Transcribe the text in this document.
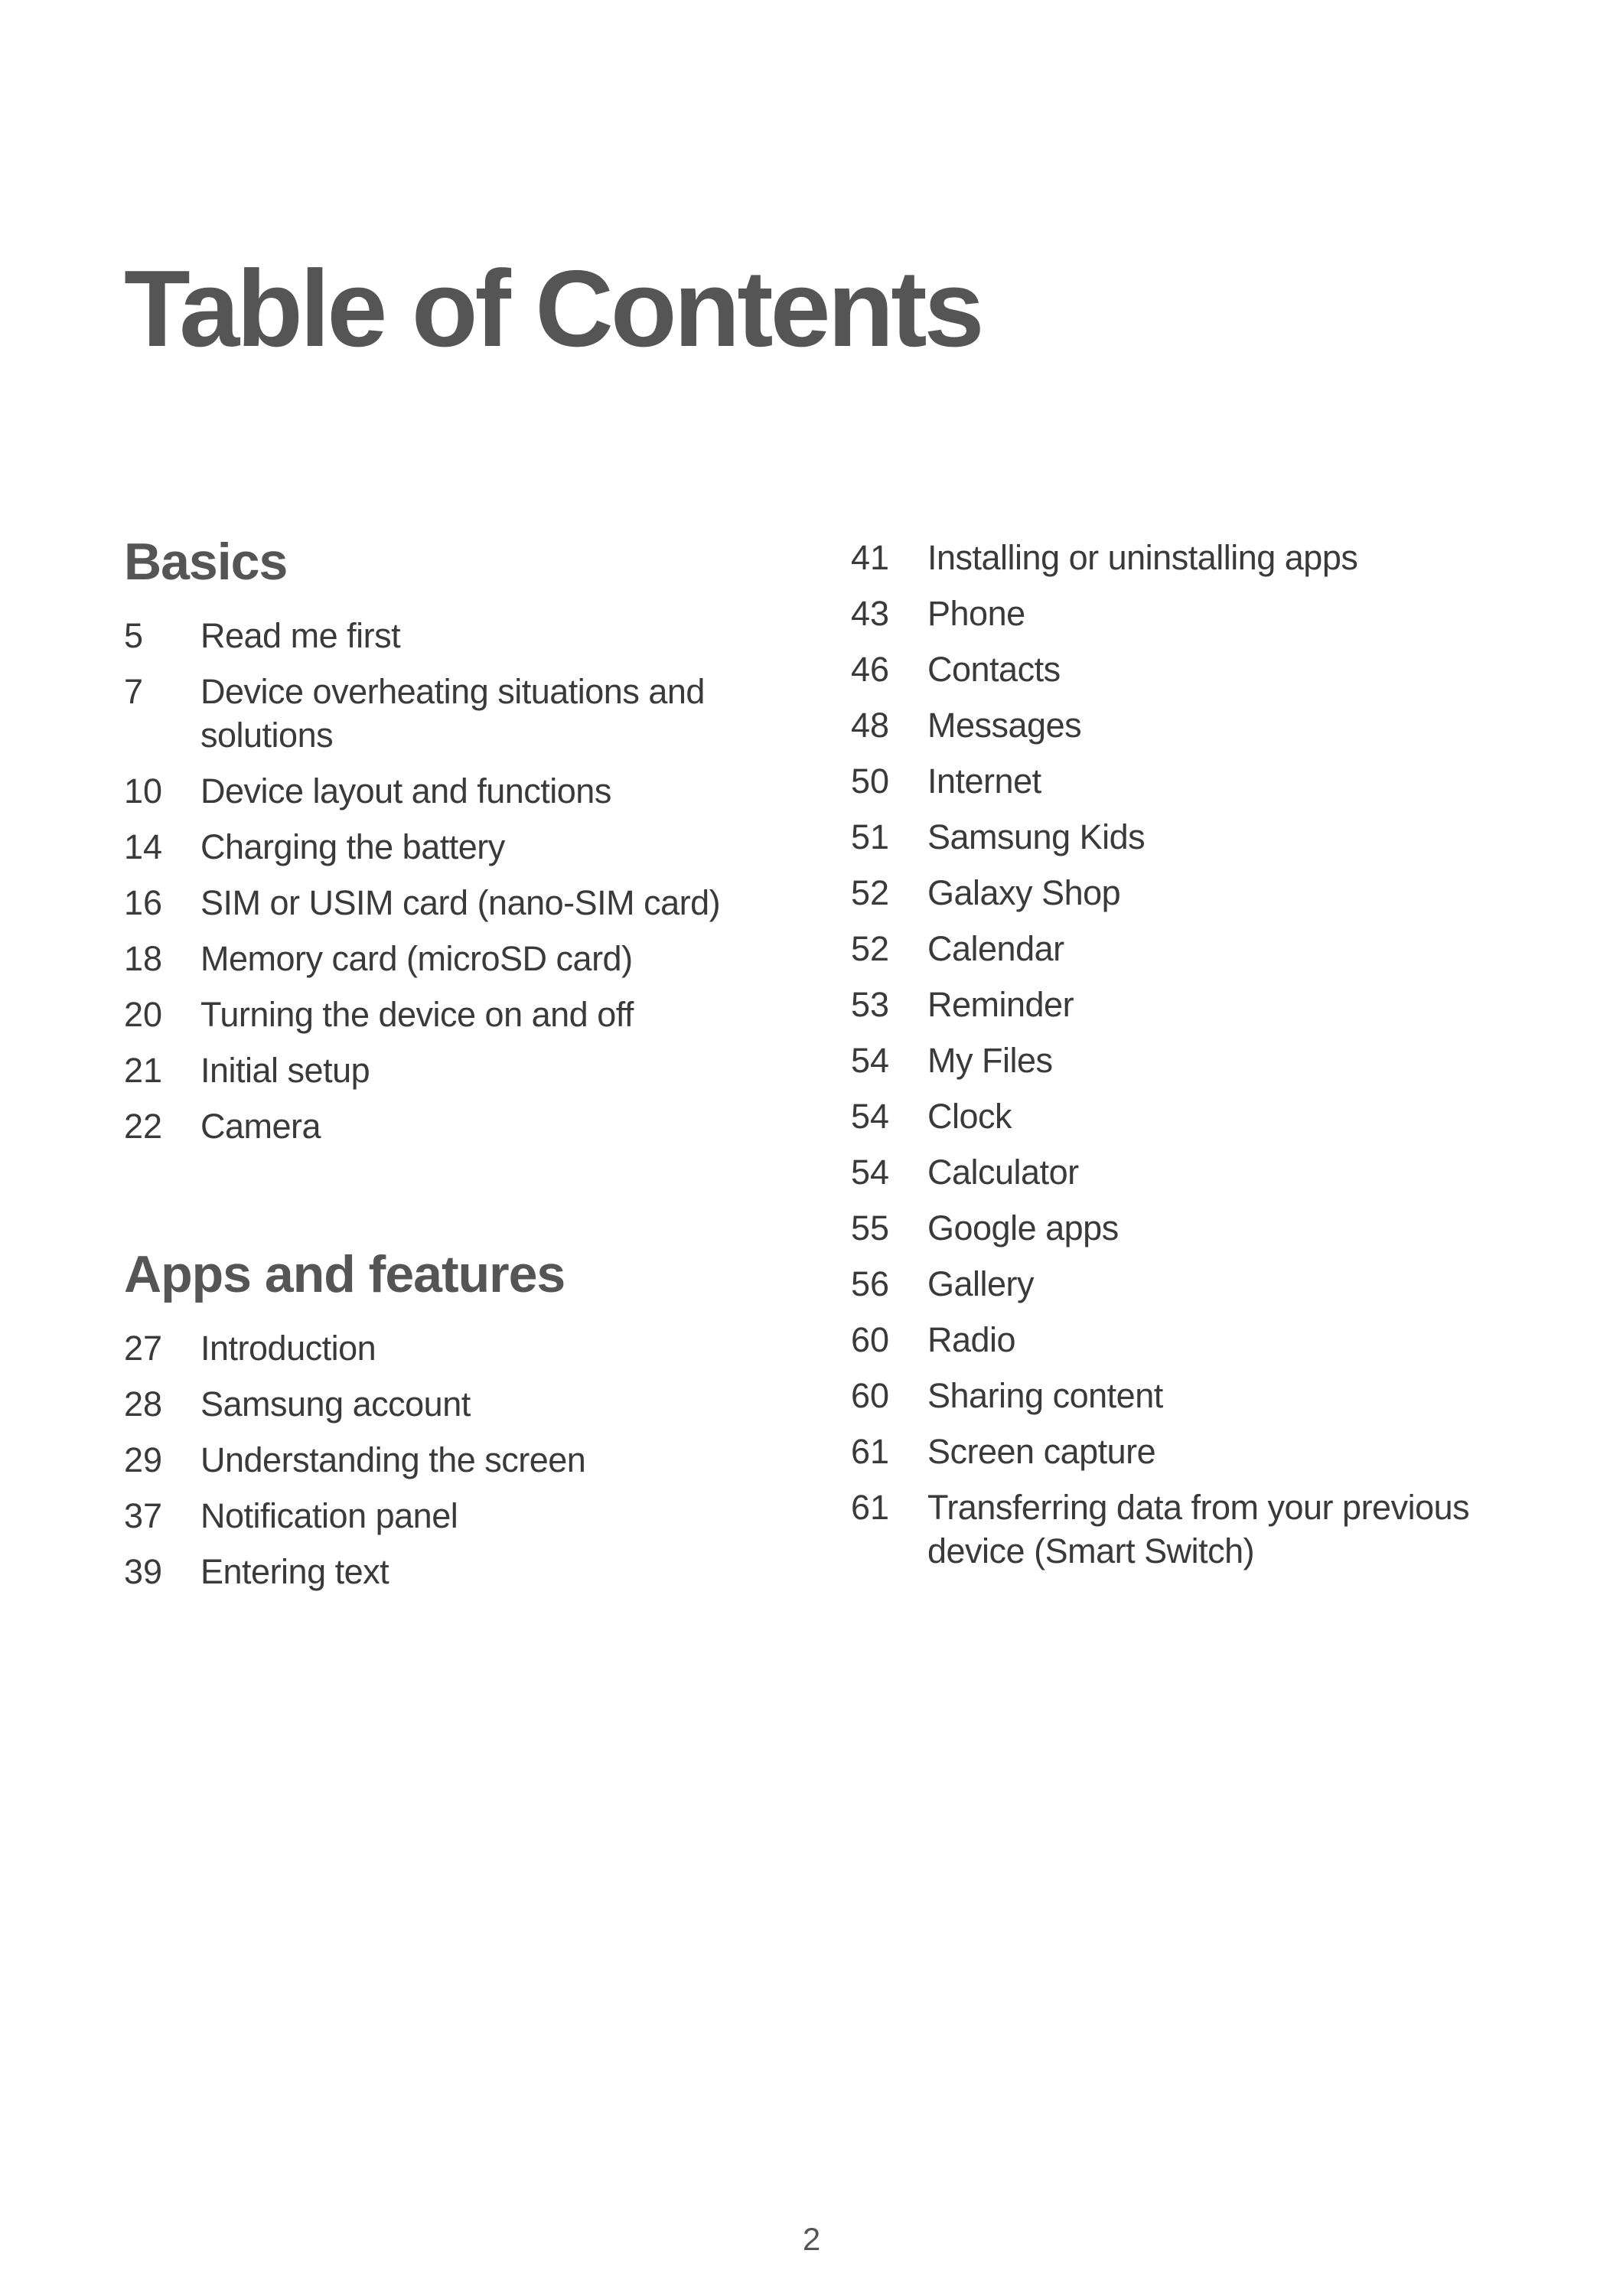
Table of Contents
Basics
5	Read me first
7	Device overheating situations and solutions
10	Device layout and functions
14	Charging the battery
16	SIM or USIM card (nano-SIM card)
18	Memory card (microSD card)
20	Turning the device on and off
21	Initial setup
22	Camera
Apps and features
27	Introduction
28	Samsung account
29	Understanding the screen
37	Notification panel
39	Entering text
41	Installing or uninstalling apps
43	Phone
46	Contacts
48	Messages
50	Internet
51	Samsung Kids
52	Galaxy Shop
52	Calendar
53	Reminder
54	My Files
54	Clock
54	Calculator
55	Google apps
56	Gallery
60	Radio
60	Sharing content
61	Screen capture
61	Transferring data from your previous device (Smart Switch)
2
